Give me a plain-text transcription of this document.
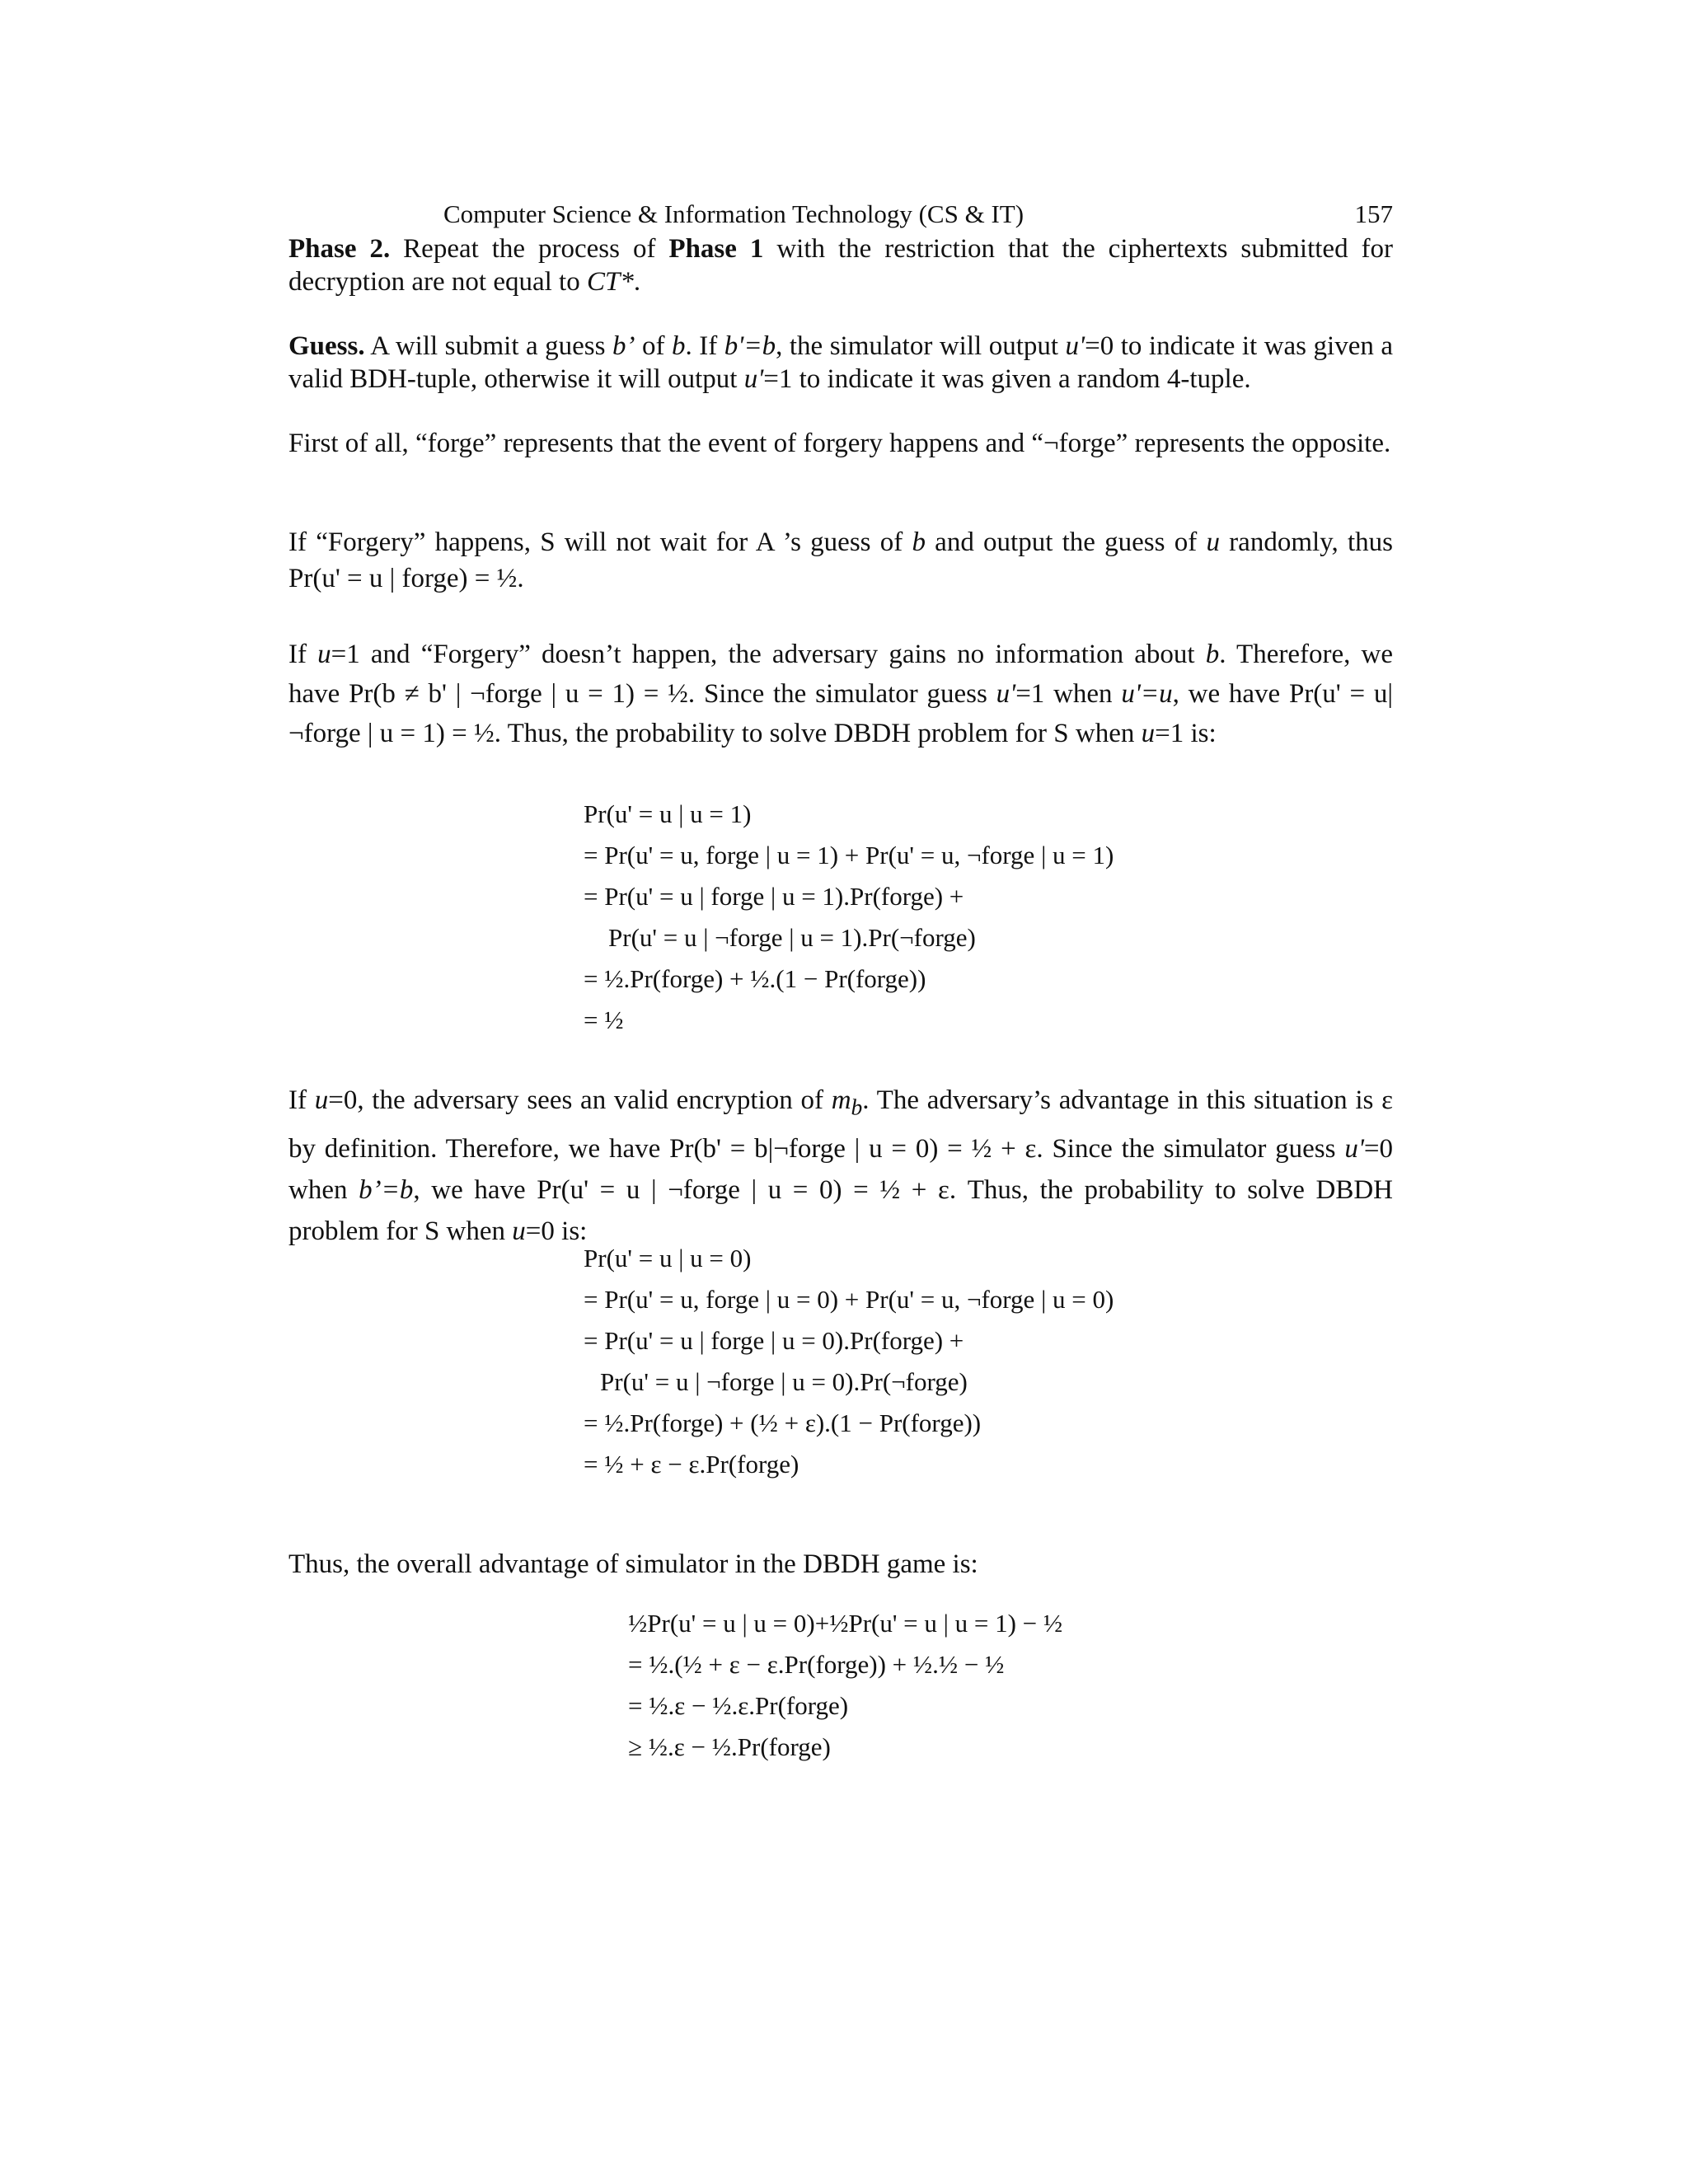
Computer Science & Information Technology (CS & IT)	157
Phase 2. Repeat the process of Phase 1 with the restriction that the ciphertexts submitted for decryption are not equal to CT*.
Guess. A will submit a guess b’ of b. If b'=b, the simulator will output u'=0 to indicate it was given a valid BDH-tuple, otherwise it will output u'=1 to indicate it was given a random 4-tuple.
First of all, “forge” represents that the event of forgery happens and “¬forge” represents the opposite.
If “Forgery” happens, S will not wait for A ’s guess of b and output the guess of u randomly, thus Pr(u' = u | forge) = ½.
If u=1 and “Forgery” doesn’t happen, the adversary gains no information about b. Therefore, we have Pr(b ≠ b' | ¬forge | u = 1) = ½. Since the simulator guess u'=1 when u'=u, we have Pr(u' = u|¬forge | u = 1) = ½. Thus, the probability to solve DBDH problem for S when u=1 is:
Pr(u' = u | u = 1)
= Pr(u' = u, forge | u = 1) + Pr(u' = u, ¬forge | u = 1)
= Pr(u' = u | forge | u = 1).Pr(forge) +
Pr(u' = u | ¬forge | u = 1).Pr(¬forge)
= ½.Pr(forge) + ½.(1 − Pr(forge))
= ½
If u=0, the adversary sees an valid encryption of $m_b$. The adversary’s advantage in this situation is ε by definition. Therefore, we have Pr(b' = b|¬forge | u = 0) = ½ + ε. Since the simulator guess u'=0 when b’=b, we have Pr(u' = u | ¬forge | u = 0) = ½ + ε. Thus, the probability to solve DBDH problem for S when u=0 is:
Pr(u' = u | u = 0)
= Pr(u' = u, forge | u = 0) + Pr(u' = u, ¬forge | u = 0)
= Pr(u' = u | forge | u = 0).Pr(forge) +
Pr(u' = u | ¬forge | u = 0).Pr(¬forge)
= ½.Pr(forge) + (½ + ε).(1 − Pr(forge))
= ½ + ε − ε.Pr(forge)
Thus, the overall advantage of simulator in the DBDH game is:
½Pr(u' = u | u = 0)+½Pr(u' = u | u = 1) − ½
= ½.(½ + ε − ε.Pr(forge)) + ½.½ − ½
= ½.ε − ½.ε.Pr(forge)
≥ ½.ε − ½.Pr(forge)
